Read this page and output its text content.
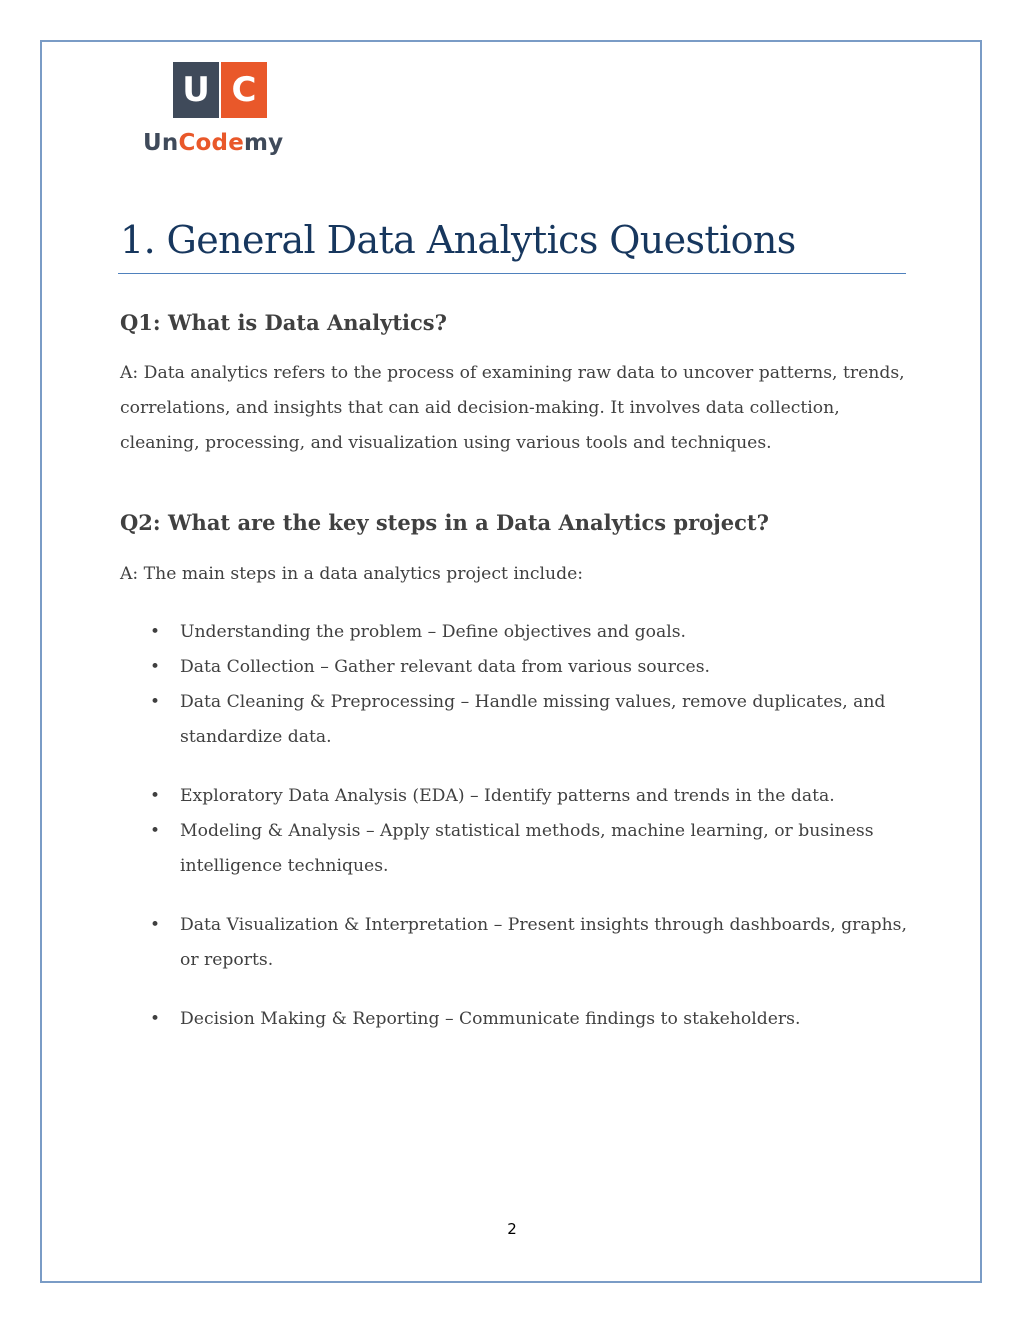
U C
UnCodemy
1. General Data Analytics Questions
Q1: What is Data Analytics?

A: Data analytics refers to the process of examining raw data to uncover patterns, trends, correlations, and insights that can aid decision-making. It involves data collection, cleaning, processing, and visualization using various tools and techniques.

Q2: What are the key steps in a Data Analytics project?

A: The main steps in a data analytics project include:

• Understanding the problem – Define objectives and goals.
• Data Collection – Gather relevant data from various sources.
• Data Cleaning & Preprocessing – Handle missing values, remove duplicates, and standardize data.
• Exploratory Data Analysis (EDA) – Identify patterns and trends in the data.
• Modeling & Analysis – Apply statistical methods, machine learning, or business intelligence techniques.
• Data Visualization & Interpretation – Present insights through dashboards, graphs, or reports.
• Decision Making & Reporting – Communicate findings to stakeholders.
2
